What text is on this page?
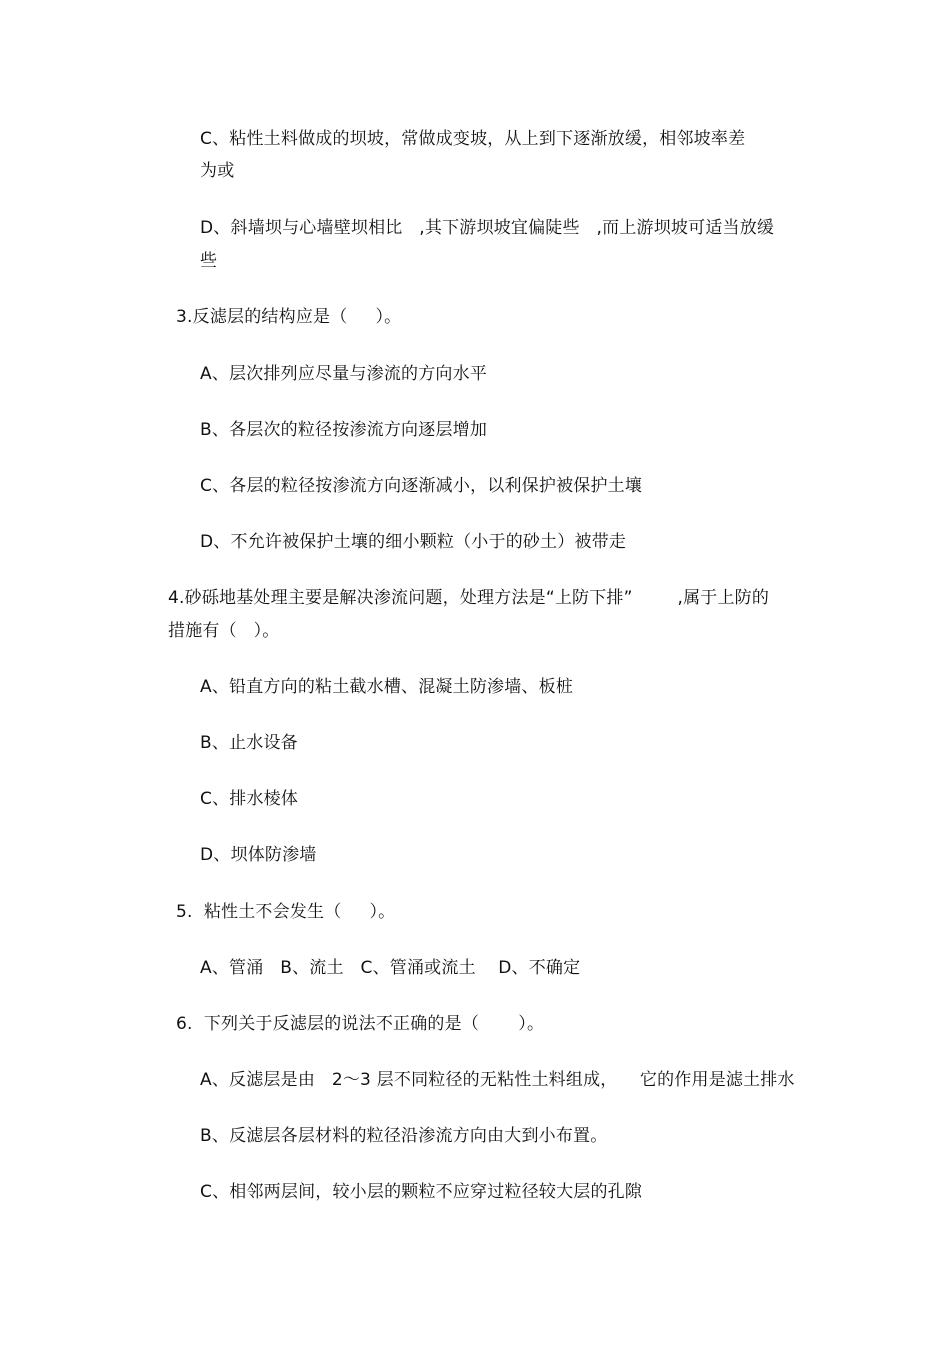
C、粘性土料做成的坝坡，常做成变坡，从上到下逐渐放缓，相邻坡率差
为或
D、斜墙坝与心墙壁坝相比   ,其下游坝坡宜偏陡些   ,而上游坝坡可适当放缓
些
3.反滤层的结构应是（     ）。
A、层次排列应尽量与渗流的方向水平
B、各层次的粒径按渗流方向逐层增加
C、各层的粒径按渗流方向逐渐减小，以利保护被保护土壤
D、不允许被保护土壤的细小颗粒（小于的砂土）被带走
4.砂砾地基处理主要是解决渗流问题，处理方法是“上防下排”        ,属于上防的
措施有（   ）。
A、铅直方向的粘土截水槽、混凝土防渗墙、板桩
B、止水设备
C、排水棱体
D、坝体防渗墙
5.  粘性土不会发生（     ）。
A、管涌   B、流土   C、管涌或流土    D、不确定
6.  下列关于反滤层的说法不正确的是（       ）。
A、反滤层是由   2～3 层不同粒径的无粘性土料组成，    它的作用是滤土排水
B、反滤层各层材料的粒径沿渗流方向由大到小布置。
C、相邻两层间，较小层的颗粒不应穿过粒径较大层的孔隙
